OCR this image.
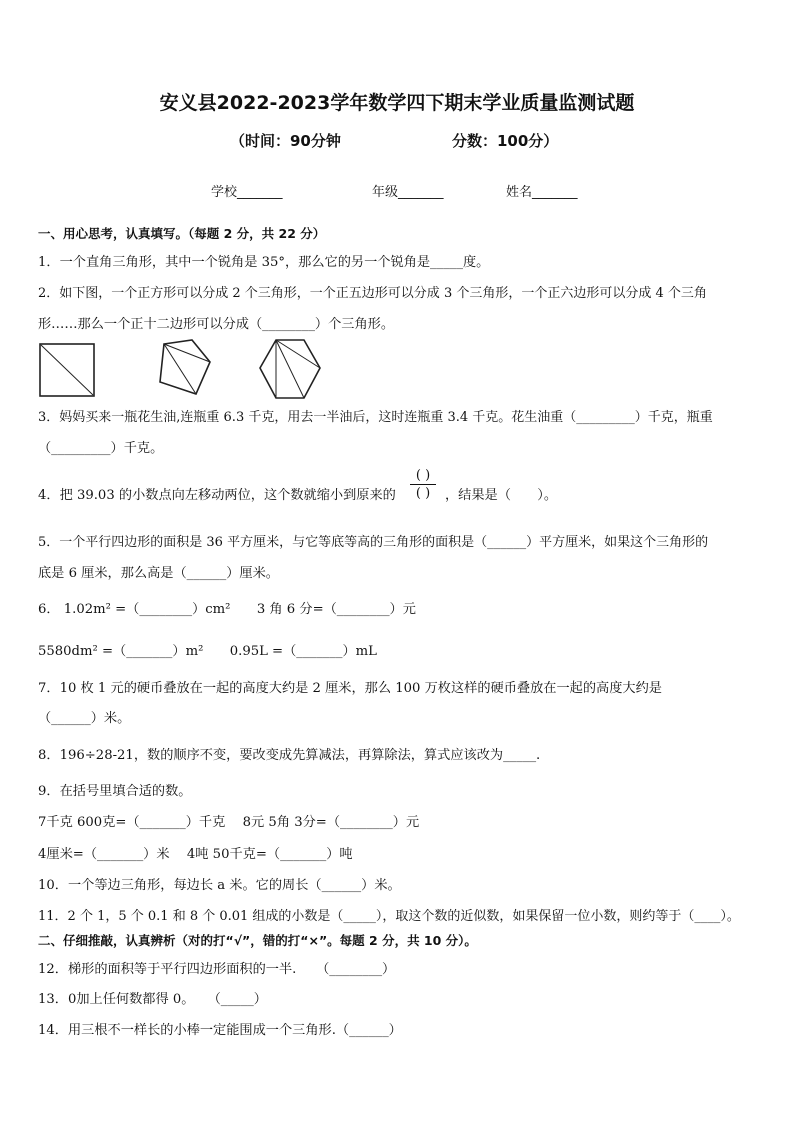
安义县2022-2023学年数学四下期末学业质量监测试题
（时间：90分钟	分数：100分）
学校_______	年级_______	姓名_______
一、用心思考，认真填写。（每题 2 分，共 22 分）
1．一个直角三角形，其中一个锐角是 35°，那么它的另一个锐角是_____度。
2．如下图，一个正方形可以分成 2 个三角形，一个正五边形可以分成 3 个三角形，一个正六边形可以分成 4 个三角
形……那么一个正十二边形可以分成（________）个三角形。
3．妈妈买来一瓶花生油,连瓶重 6.3 千克，用去一半油后，这时连瓶重 3.4 千克。花生油重（_________）千克，瓶重
（_________）千克。
4．把 39.03 的小数点向左移动两位，这个数就缩小到原来的
( )
( )	，结果是（　　）。
5．一个平行四边形的面积是 36 平方厘米，与它等底等高的三角形的面积是（______）平方厘米，如果这个三角形的
底是 6 厘米，那么高是（______）厘米。
6． 1.02m² =（________）cm²　　3 角 6 分=（________）元
5580dm² =（_______）m²　　0.95L =（_______）mL
7．10 枚 1 元的硬币叠放在一起的高度大约是 2 厘米，那么 100 万枚这样的硬币叠放在一起的高度大约是
（______）米。
8．196÷28-21，数的顺序不变，要改变成先算减法，再算除法，算式应该改为_____.
9．在括号里填合适的数。
7千克 600克=（_______）千克　 8元 5角 3分=（________）元
4厘米=（_______）米　 4吨 50千克=（_______）吨
10．一个等边三角形，每边长 a 米。它的周长（______）米。
11．2 个 1，5 个 0.1 和 8 个 0.01 组成的小数是（_____），取这个数的近似数，如果保留一位小数，则约等于（____）。
二、仔细推敲，认真辨析（对的打“√”，错的打“×”。每题 2 分，共 10 分）。
12．梯形的面积等于平行四边形面积的一半.　　（________）
13．0加上任何数都得 0。　　（_____）
14．用三根不一样长的小棒一定能围成一个三角形.（______）
